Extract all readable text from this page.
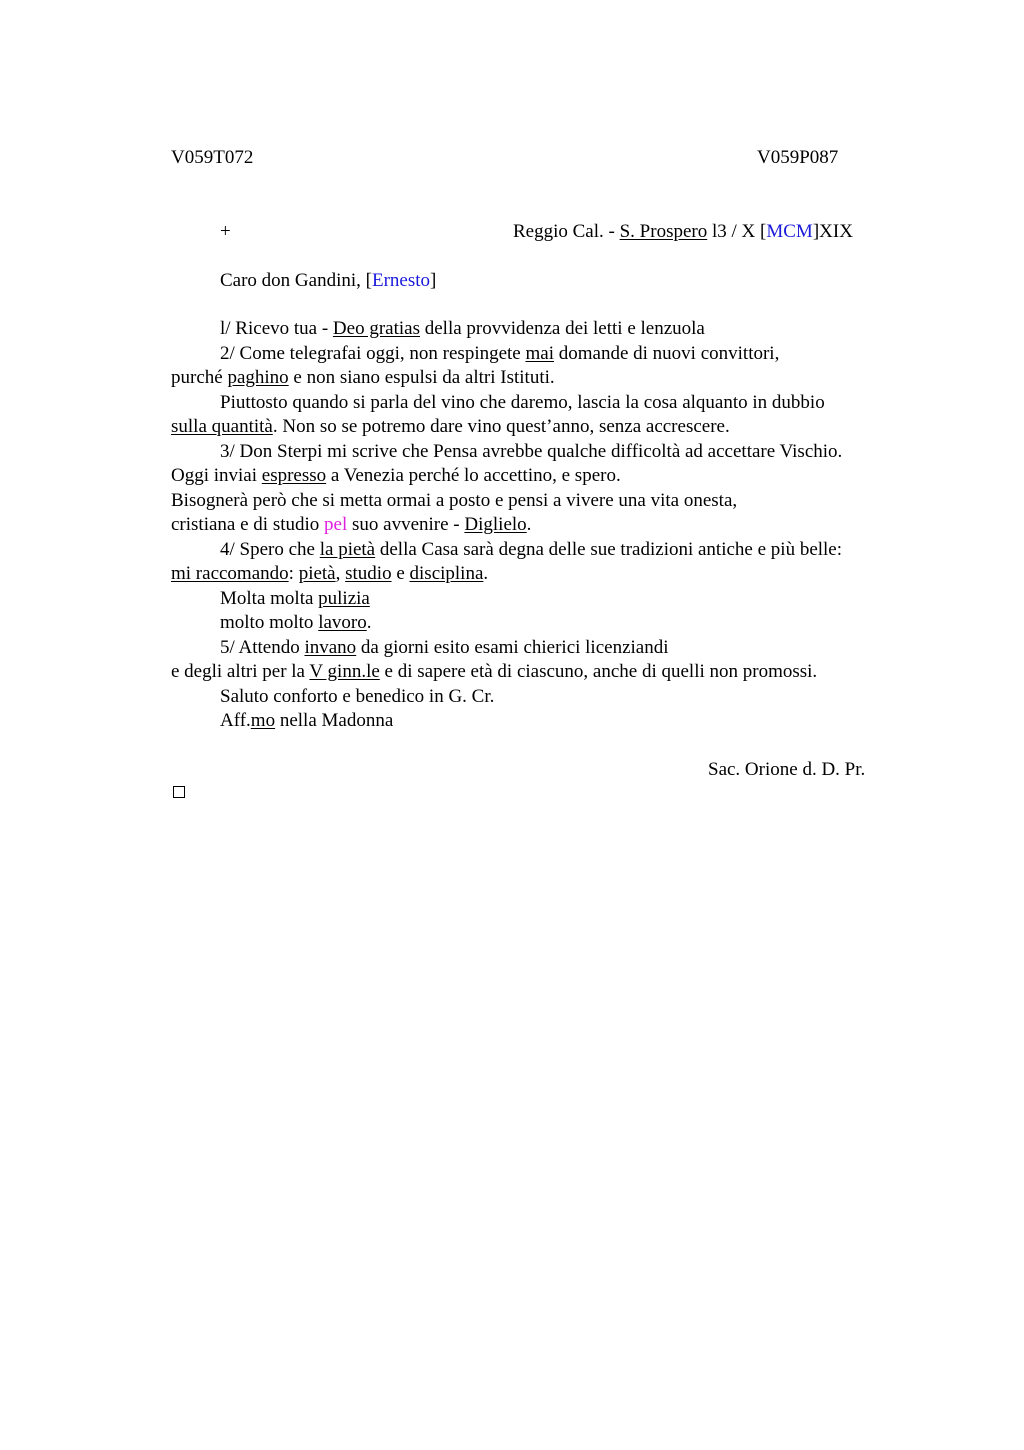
V059T072	V059P087
+	Reggio Cal. - S. Prospero l3 / X [MCM]XIX
Caro don Gandini, [Ernesto]
l/ Ricevo tua - Deo gratias della provvidenza dei letti e lenzuola
2/ Come telegrafai oggi, non respingete mai domande di nuovi convittori,
purché paghino e non siano espulsi da altri Istituti.
Piuttosto quando si parla del vino che daremo, lascia la cosa alquanto in dubbio
sulla quantità. Non so se potremo dare vino quest’anno, senza accrescere.
3/ Don Sterpi mi scrive che Pensa avrebbe qualche difficoltà ad accettare Vischio.
Oggi inviai espresso a Venezia perché lo accettino, e spero.
Bisognerà però che si metta ormai a posto e pensi a vivere una vita onesta,
cristiana e di studio pel suo avvenire - Diglielo.
4/ Spero che la pietà della Casa sarà degna delle sue tradizioni antiche e più belle:
mi raccomando: pietà, studio e disciplina.
Molta molta pulizia
molto molto lavoro.
5/ Attendo invano da giorni esito esami chierici licenziandi
e degli altri per la V ginn.le e di sapere età di ciascuno, anche di quelli non promossi.
Saluto conforto e benedico in G. Cr.
Aff.mo nella Madonna
Sac. Orione d. D. Pr.
